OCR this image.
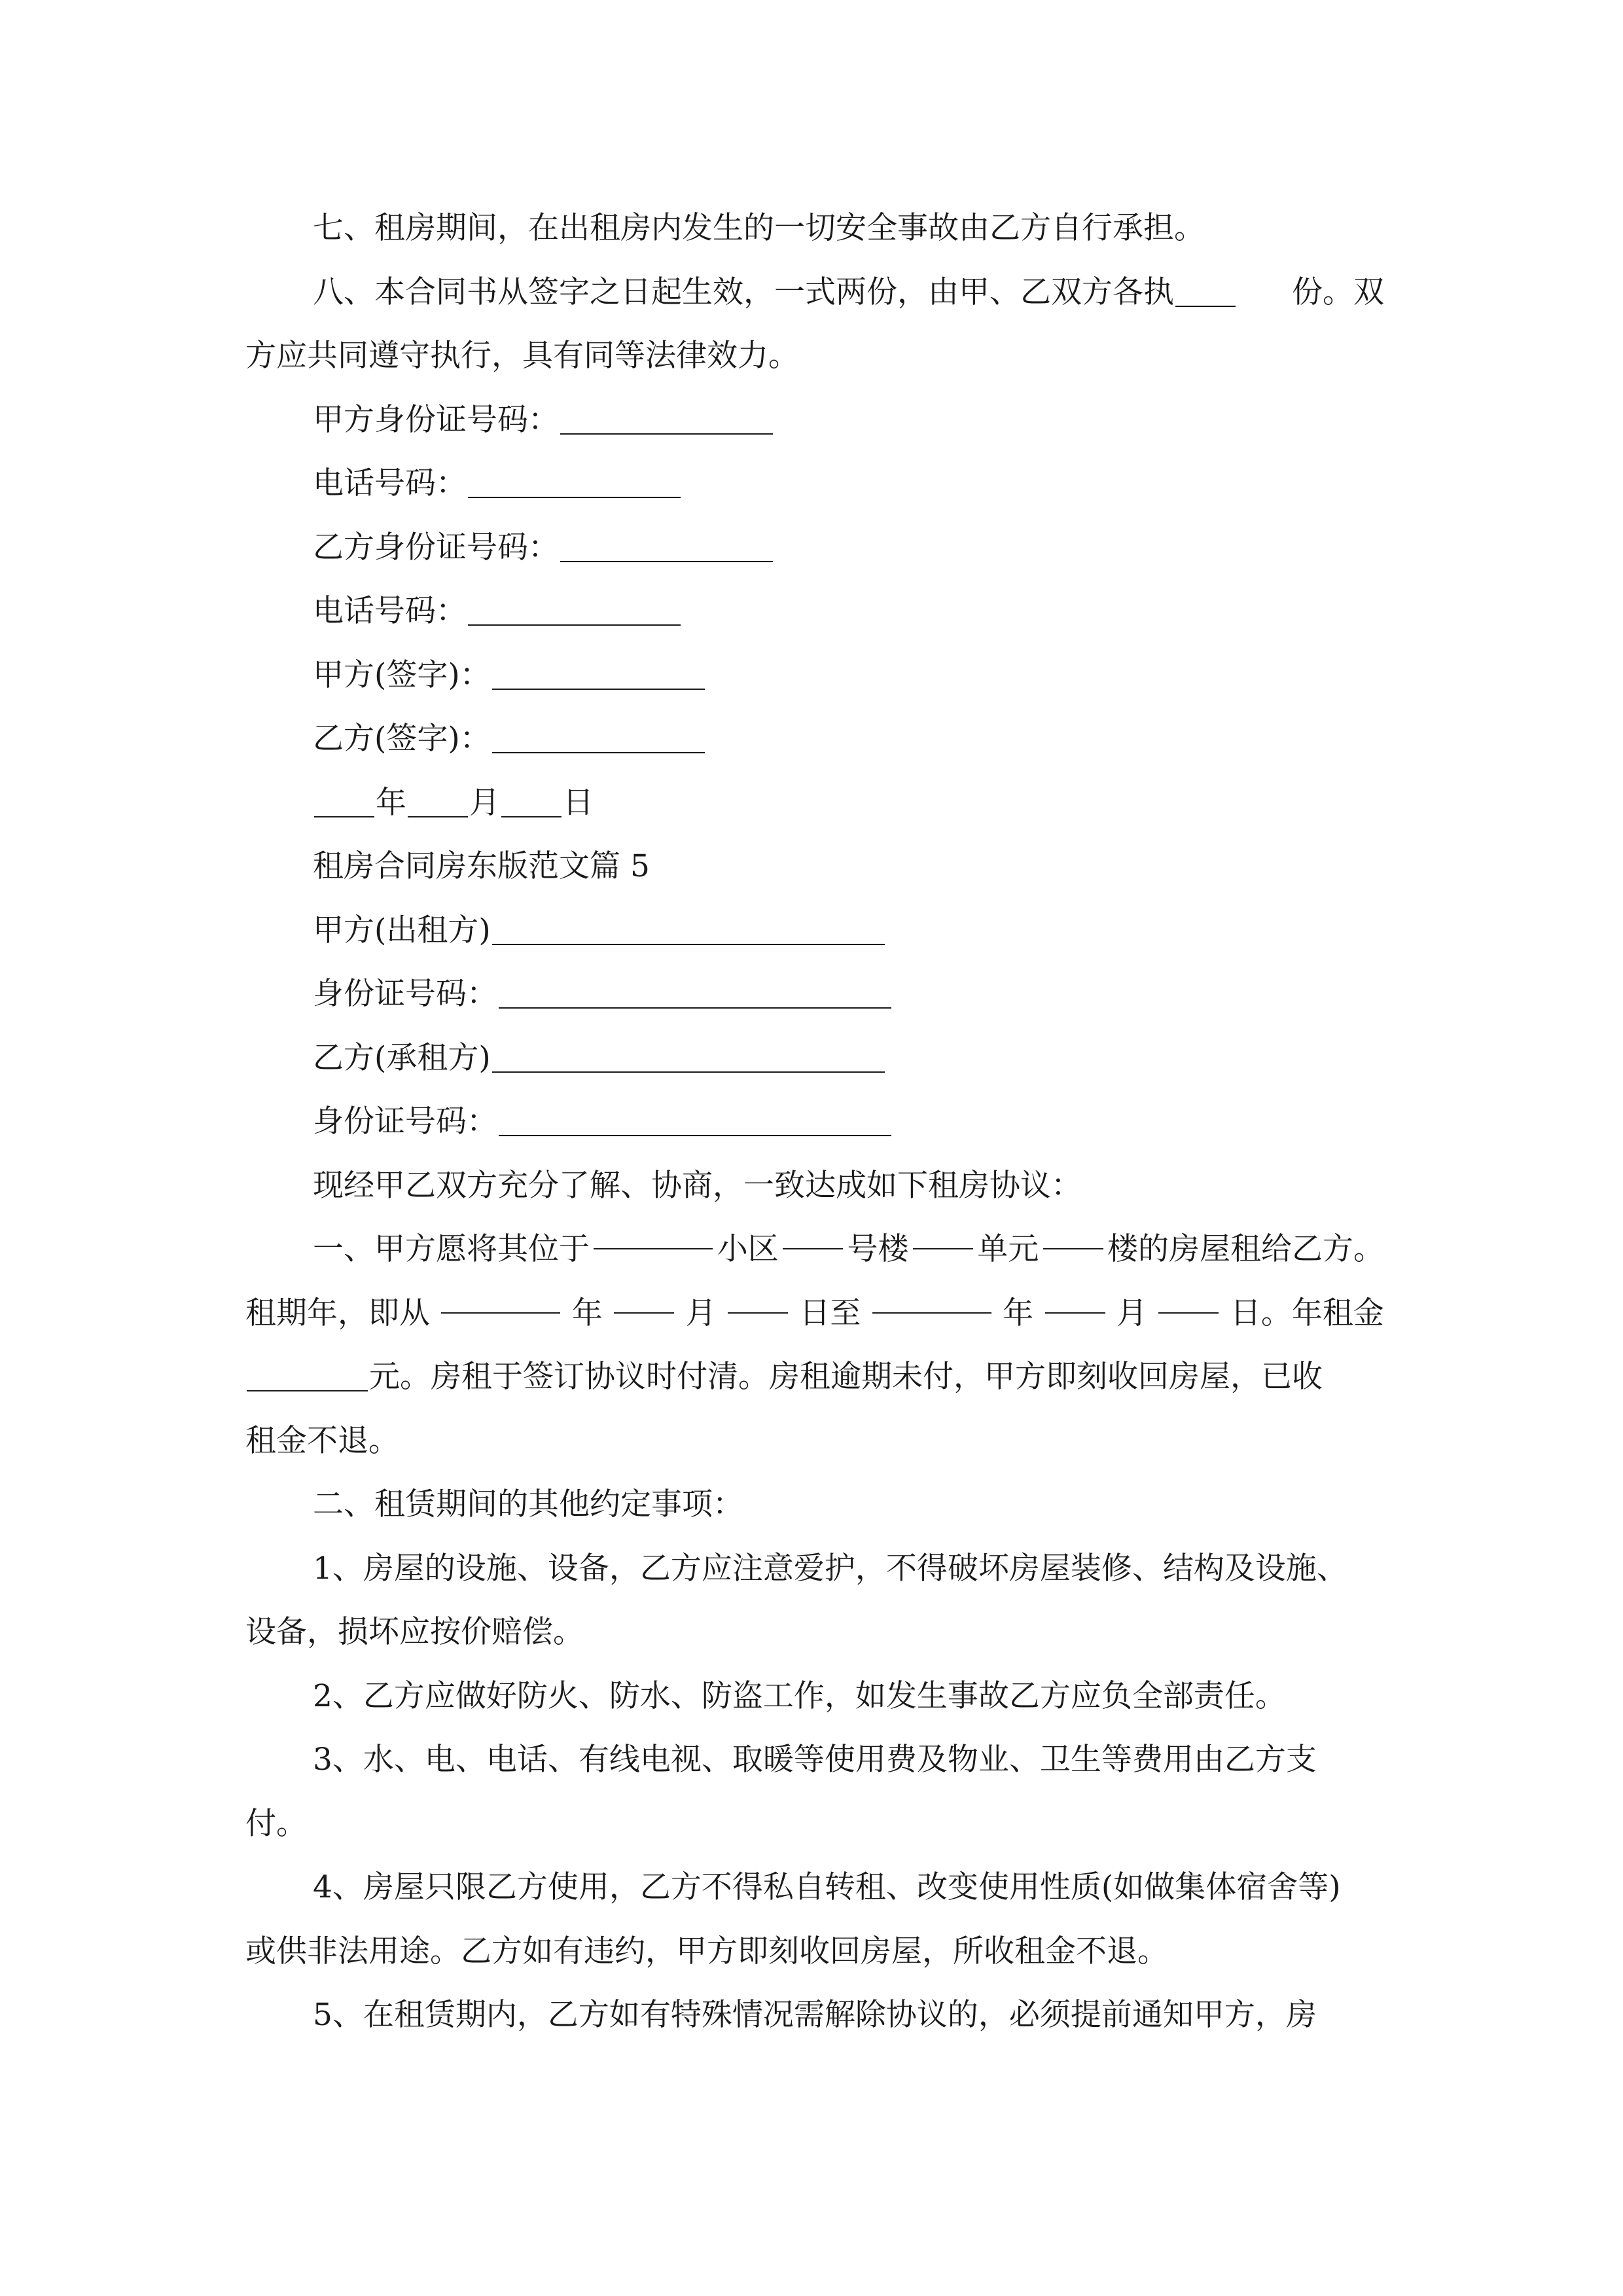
七、租房期间，在出租房内发生的一切安全事故由乙方自行承担。
八、本合同书从签字之日起生效，一式两份，由甲、乙双方各执	份。双
方应共同遵守执行，具有同等法律效力。
甲方身份证号码：
电话号码：
乙方身份证号码：
电话号码：
甲方(签字)：
乙方(签字)：
年 月 日
租房合同房东版范文篇 5
甲方(出租方)
身份证号码：
乙方(承租方)
身份证号码：
现经甲乙双方充分了解、协商，一致达成如下租房协议：
一、甲方愿将其位于	小区 号楼 单元 楼的房屋租给乙方。
租期年，即从	年	月	日至	年	月	日。年租金
元。房租于签订协议时付清。房租逾期未付，甲方即刻收回房屋，已收
租金不退。
二、租赁期间的其他约定事项：
1、房屋的设施、设备，乙方应注意爱护，不得破坏房屋装修、结构及设施、
设备，损坏应按价赔偿。
2、乙方应做好防火、防水、防盗工作，如发生事故乙方应负全部责任。
3、水、电、电话、有线电视、取暖等使用费及物业、卫生等费用由乙方支
付。
4、房屋只限乙方使用，乙方不得私自转租、改变使用性质(如做集体宿舍等)
或供非法用途。乙方如有违约，甲方即刻收回房屋，所收租金不退。
5、在租赁期内，乙方如有特殊情况需解除协议的，必须提前通知甲方，房
